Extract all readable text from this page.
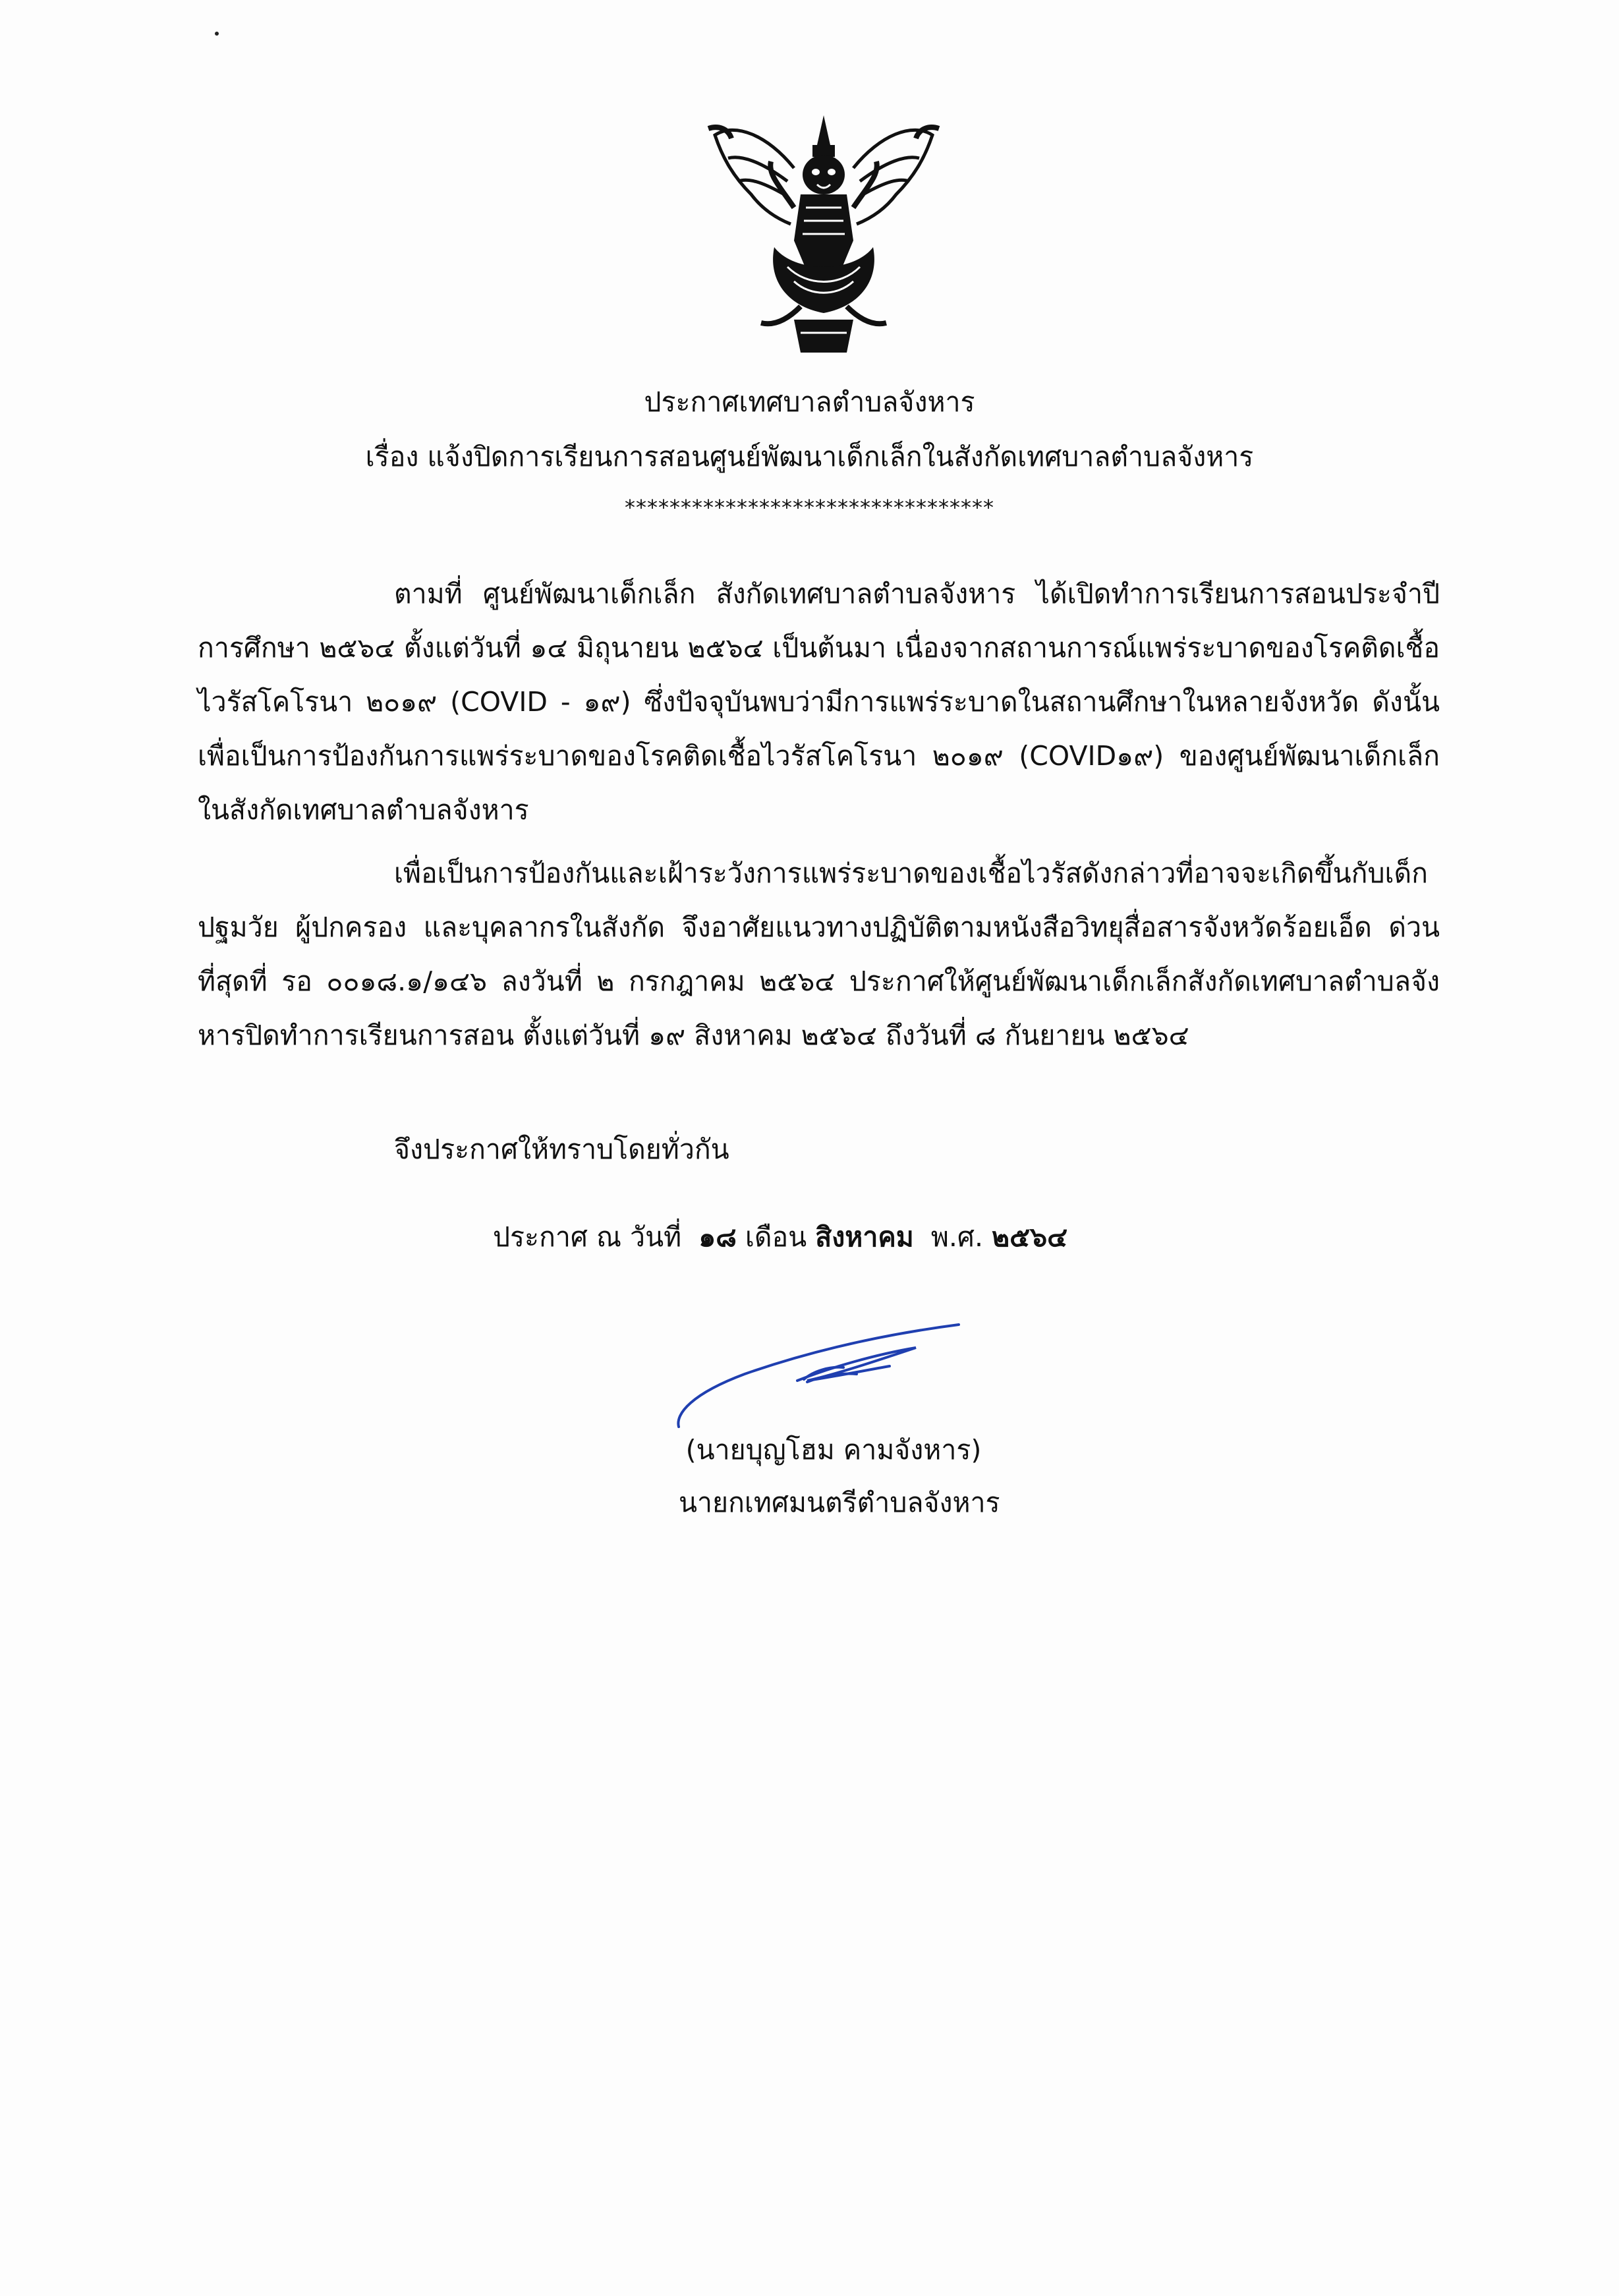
ประกาศเทศบาลตำบลจังหาร
เรื่อง แจ้งปิดการเรียนการสอนศูนย์พัฒนาเด็กเล็กในสังกัดเทศบาลตำบลจังหาร
*********************************
ตามที่ ศูนย์พัฒนาเด็กเล็ก สังกัดเทศบาลตำบลจังหาร ได้เปิดทำการเรียนการสอนประจำปีการศึกษา ๒๕๖๔ ตั้งแต่วันที่ ๑๔ มิถุนายน ๒๕๖๔ เป็นต้นมา เนื่องจากสถานการณ์แพร่ระบาดของโรคติดเชื้อไวรัสโคโรนา ๒๐๑๙ (COVID - ๑๙) ซึ่งปัจจุบันพบว่ามีการแพร่ระบาดในสถานศึกษาในหลายจังหวัด ดังนั้นเพื่อเป็นการป้องกันการแพร่ระบาดของโรคติดเชื้อไวรัสโคโรนา ๒๐๑๙ (COVID๑๙) ของศูนย์พัฒนาเด็กเล็กในสังกัดเทศบาลตำบลจังหาร
เพื่อเป็นการป้องกันและเฝ้าระวังการแพร่ระบาดของเชื้อไวรัสดังกล่าวที่อาจจะเกิดขึ้นกับเด็กปฐมวัย ผู้ปกครอง และบุคลากรในสังกัด จึงอาศัยแนวทางปฏิบัติตามหนังสือวิทยุสื่อสารจังหวัดร้อยเอ็ด ด่วนที่สุดที่ รอ ๐๐๑๘.๑/๑๔๖ ลงวันที่ ๒ กรกฎาคม ๒๕๖๔ ประกาศให้ศูนย์พัฒนาเด็กเล็กสังกัดเทศบาลตำบลจังหารปิดทำการเรียนการสอน ตั้งแต่วันที่ ๑๙ สิงหาคม ๒๕๖๔ ถึงวันที่ ๘ กันยายน ๒๕๖๔
จึงประกาศให้ทราบโดยทั่วกัน
ประกาศ ณ วันที่ ๑๘ เดือน สิงหาคม พ.ศ. ๒๕๖๔
(นายบุญโฮม คามจังหาร)
นายกเทศมนตรีตำบลจังหาร
